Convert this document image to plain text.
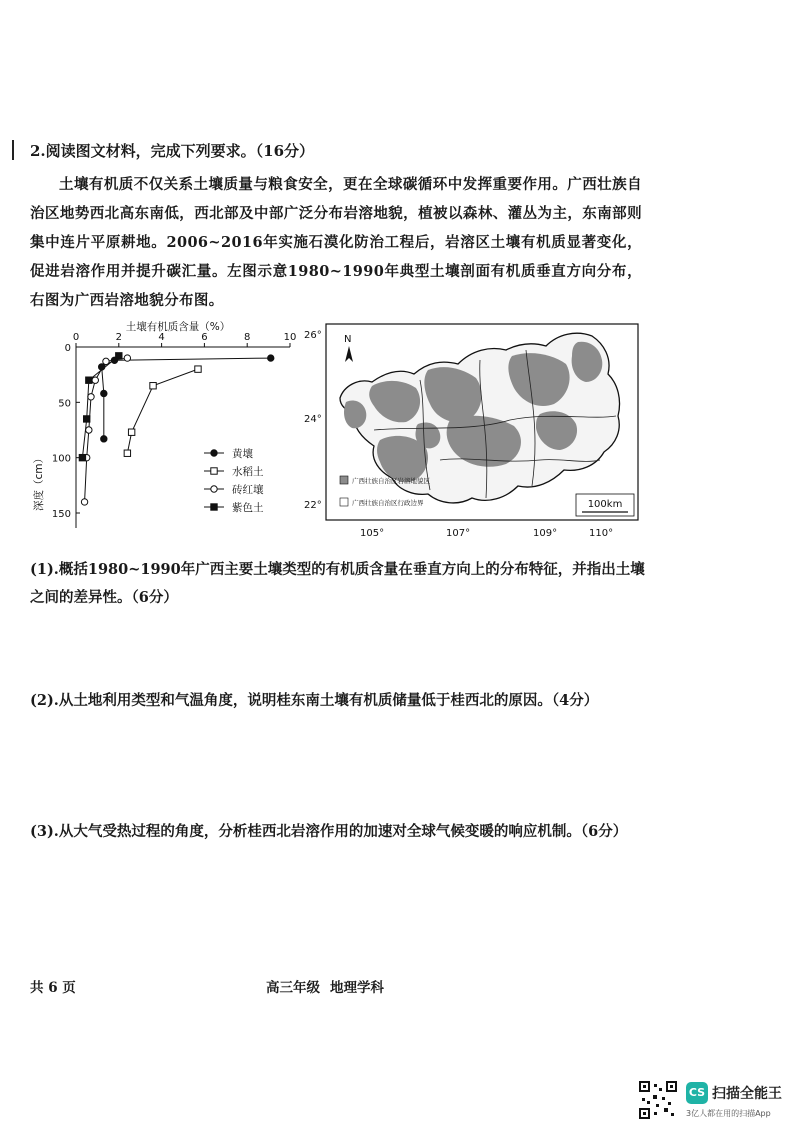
2.阅读图文材料，完成下列要求。（16分）
土壤有机质不仅关系土壤质量与粮食安全，更在全球碳循环中发挥重要作用。广西壮族自治区地势西北高东南低，西北部及中部广泛分布岩溶地貌，植被以森林、灌丛为主，东南部则集中连片平原耕地。2006~2016年实施石漠化防治工程后，岩溶区土壤有机质显著变化，促进岩溶作用并提升碳汇量。左图示意1980~1990年典型土壤剖面有机质垂直方向分布，右图为广西岩溶地貌分布图。
土壤有机质含量（%）
深度（cm）
0	2	4	6	8	10
0
50
100
150
黄壤
水稻土
砖红壤
紫色土
26°
24°
22°
105°	107°	109°	110°
N
广西壮族自治区岩溶地貌区
广西壮族自治区行政边界	100km
(1).概括1980~1990年广西主要土壤类型的有机质含量在垂直方向上的分布特征，并指出土壤之间的差异性。（6分）
(2).从土地利用类型和气温角度，说明桂东南土壤有机质储量低于桂西北的原因。（4分）
(3).从大气受热过程的角度，分析桂西北岩溶作用的加速对全球气候变暖的响应机制。（6分）
共 6 页	高三年级 地理学科
CS 扫描全能王
3亿人都在用的扫描App
